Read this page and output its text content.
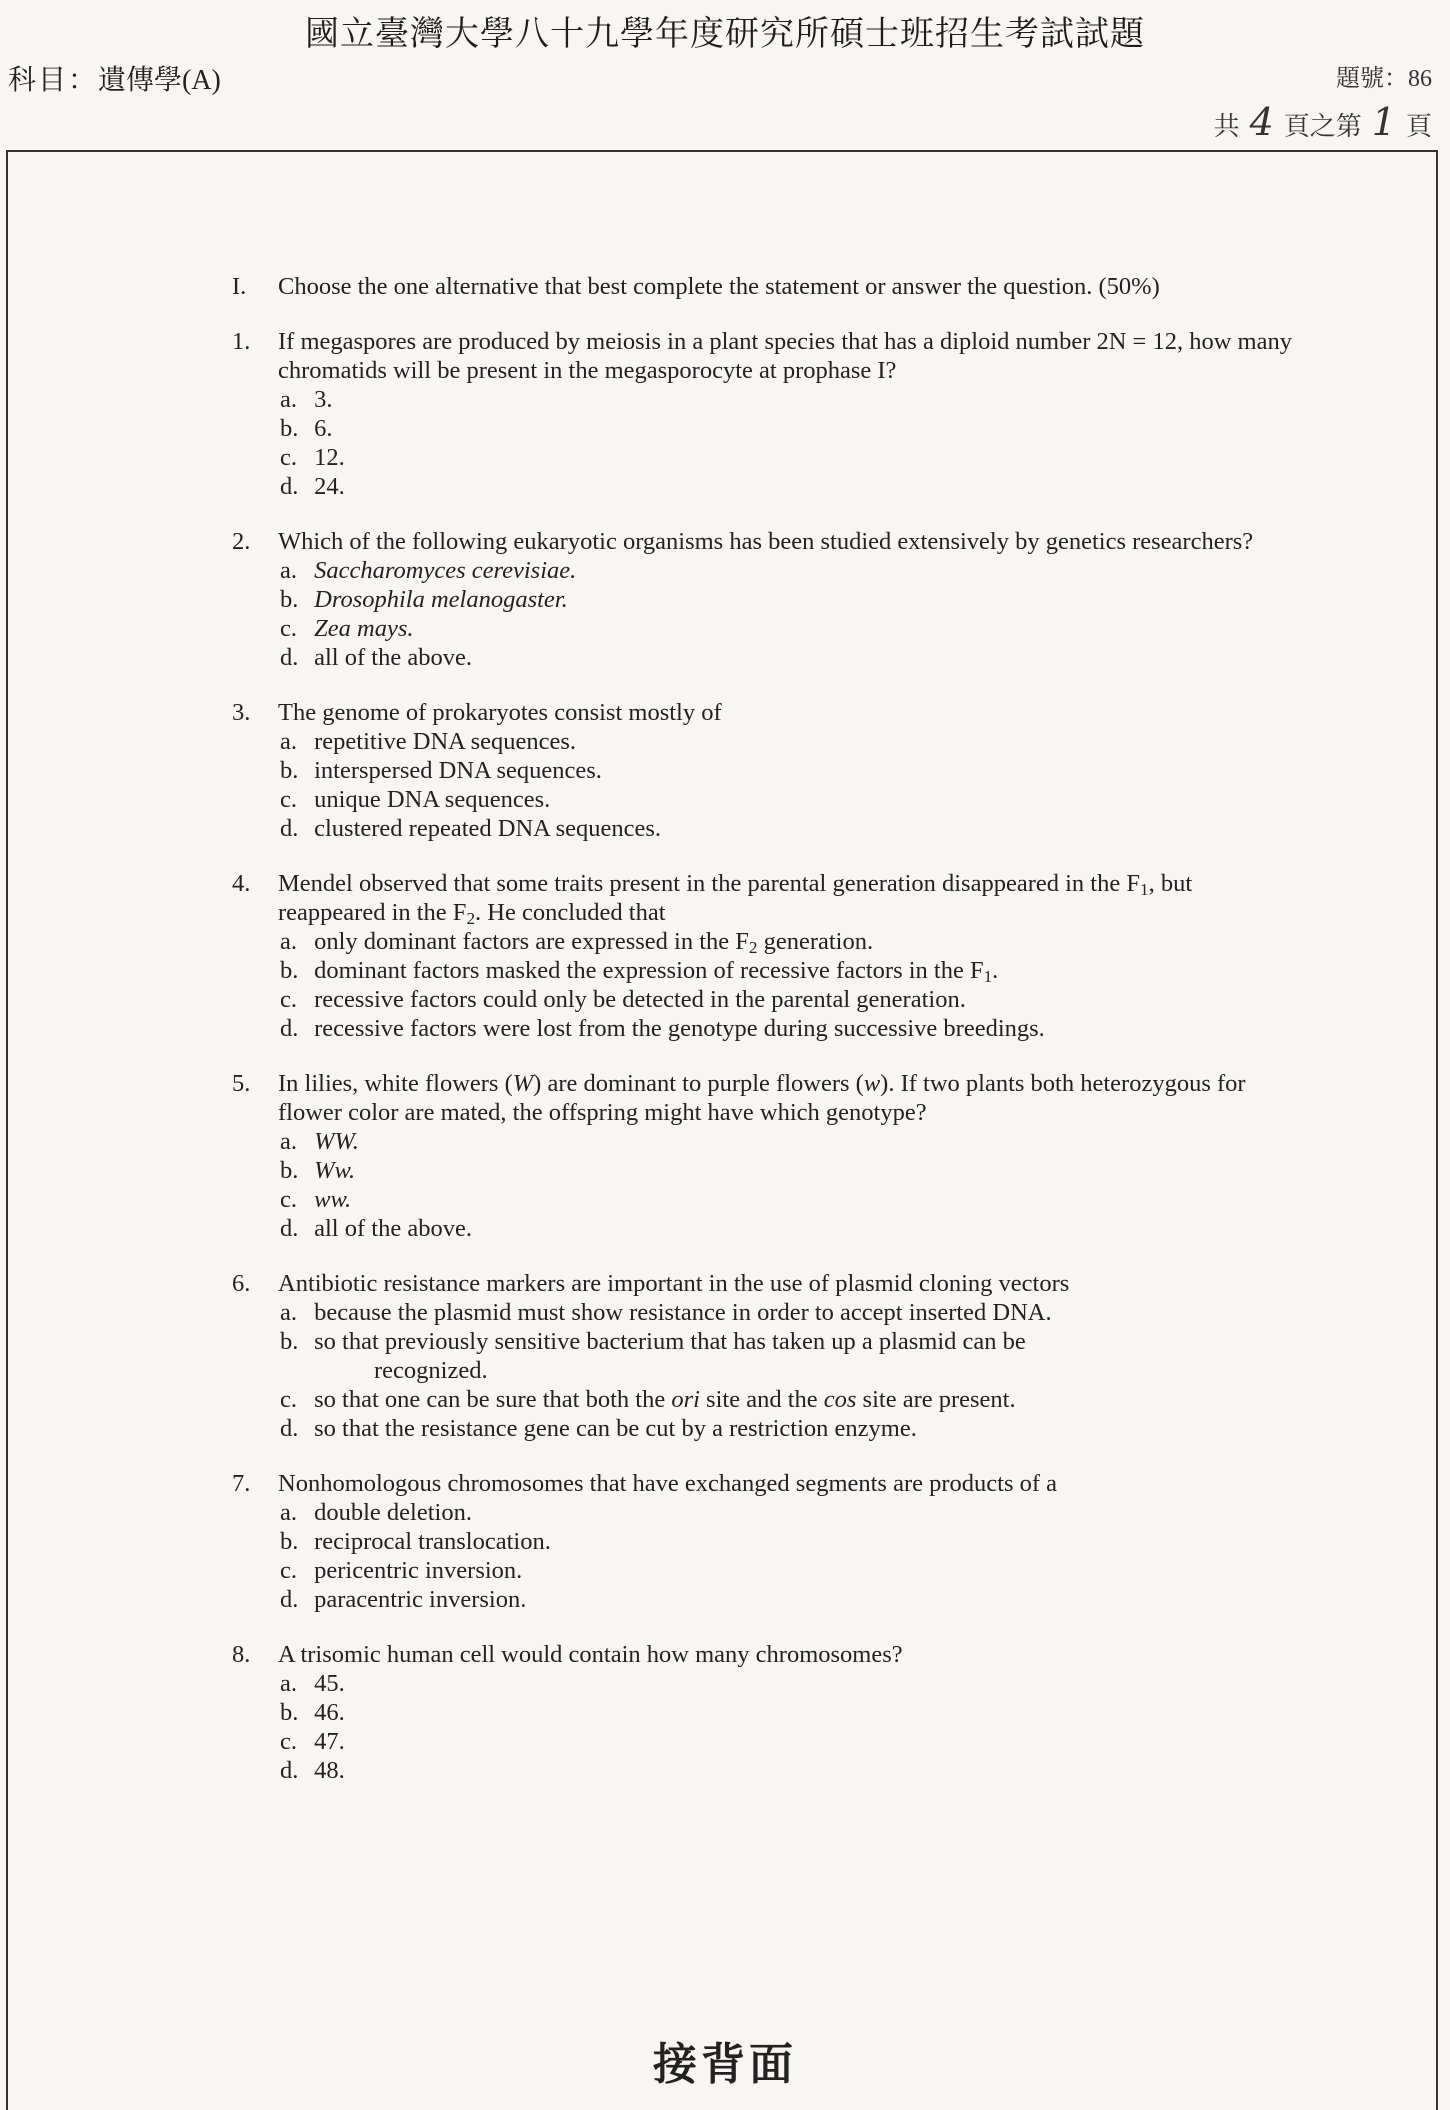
國立臺灣大學八十九學年度研究所碩士班招生考試試題
科目：遺傳學(A)	題號：86
共 4 頁之第 1 頁
I.	Choose the one alternative that best complete the statement or answer the question. (50%)
1.	If megaspores are produced by meiosis in a plant species that has a diploid number 2N = 12, how many chromatids will be present in the megasporocyte at prophase I?
a. 3.
b. 6.
c. 12.
d. 24.
2.	Which of the following eukaryotic organisms has been studied extensively by genetics researchers?
a. Saccharomyces cerevisiae.
b. Drosophila melanogaster.
c. Zea mays.
d. all of the above.
3.	The genome of prokaryotes consist mostly of
a. repetitive DNA sequences.
b. interspersed DNA sequences.
c. unique DNA sequences.
d. clustered repeated DNA sequences.
4.	Mendel observed that some traits present in the parental generation disappeared in the $F_1$, but reappeared in the $F_2$. He concluded that
a. only dominant factors are expressed in the $F_2$ generation.
b. dominant factors masked the expression of recessive factors in the $F_1$.
c. recessive factors could only be detected in the parental generation.
d. recessive factors were lost from the genotype during successive breedings.
5.	In lilies, white flowers (W) are dominant to purple flowers (w). If two plants both heterozygous for flower color are mated, the offspring might have which genotype?
a. WW.
b. Ww.
c. ww.
d. all of the above.
6.	Antibiotic resistance markers are important in the use of plasmid cloning vectors
a. because the plasmid must show resistance in order to accept inserted DNA.
b. so that previously sensitive bacterium that has taken up a plasmid can be
recognized.
c. so that one can be sure that both the ori site and the cos site are present.
d. so that the resistance gene can be cut by a restriction enzyme.
7.	Nonhomologous chromosomes that have exchanged segments are products of a
a. double deletion.
b. reciprocal translocation.
c. pericentric inversion.
d. paracentric inversion.
8.	A trisomic human cell would contain how many chromosomes?
a. 45.
b. 46.
c. 47.
d. 48.
接背面
